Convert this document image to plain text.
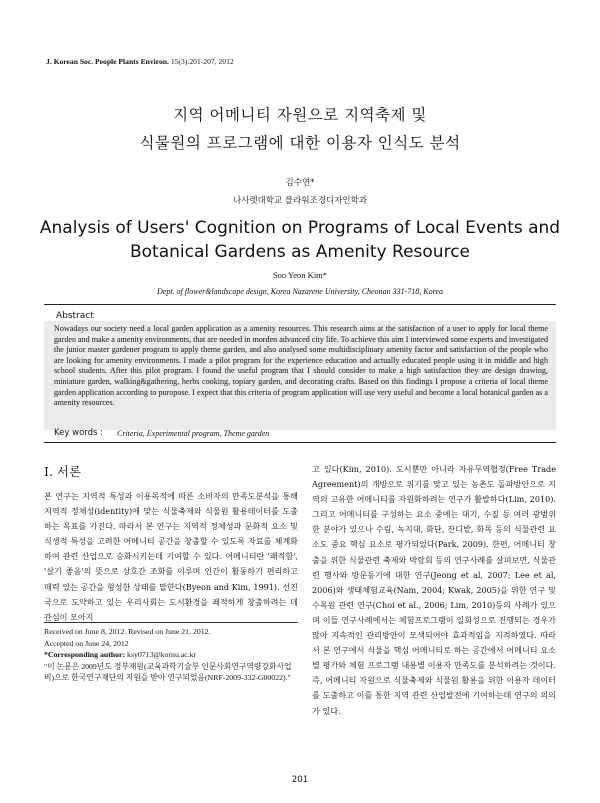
J. Korean Soc. People Plants Environ. 15(3):201-207, 2012
지역 어메니티 자원으로 지역축제 및
식물원의 프로그램에 대한 이용자 인식도 분석
김수연*
나사렛대학교 플라워조경디자인학과
Analysis of Users' Cognition on Programs of Local Events and
Botanical Gardens as Amenity Resource
Soo Yeon Kim*
Dept. of flower&landscape design, Korea Nazarene University, Cheonan 331-718, Korea
Abstract
Nowadays our society need a local garden application as a amenity resources. This research aims at the satisfaction of a user to apply for local theme garden and make a amenity environments, that are needed in morden advanced city life. To achieve this aim I interviewed some experts and investigated the junior master gardener program to apply theme garden, and also analysed some multidisciplinary amenity factor and satisfaction of the people who are looking for amenity environments. I made a pilot program for the experience education and actually educated people using it in middle and high school students. After this pilot program. I found the useful program that I should consider to make a high satisfaction they are design drawing, miniature garden, walking&gathering, herbs cooking, topiary garden, and decorating crafts. Based on this findings I propose a criteria of local theme garden application according to puropose. I expect that this criteria of program application will use very useful and become a local botanical garden as a amenity resources.
Key words : Criteria, Experimental program, Theme garden
Ⅰ. 서론

본 연구는 지역적 특성과 이용목적에 따른 소비자의 만족도분석을 통해 지역적 정체성(identity)에 맞는 식물축제와 식물원 활용테이터를 도출하는 목표를 가진다. 따라서 본 연구는 지역적 정체성과 문화적 요소 및 식생적 특성을 고려한 어메니티 공간을 창출할 수 있도록 자료를 체계화하여 관련 산업으로 승화시키는데 기여할 수 있다. 어메니티란 '쾌적함', '살기 좋음'의 뜻으로 상호간 조화를 이루며 인간이 활동하기 편리하고 매력 있는 공간을 형성한 상태를 말한다(Byeon and Kim, 1991). 선진국으로 도약하고 있는 우리사회는 도시환경을 쾌적하게 창출하려는 데 관심이 모아지

고 있다(Kim, 2010). 도시뿐만 아니라 자유무역협정(Free Trade Agreement)의 개방으로 위기를 맞고 있는 농촌도 돌파방안으로 지역의 고유한 어메니티를 자원화하려는 연구가 활발하다(Lim, 2010). 그리고 어메니티를 구성하는 요소 중에는 대기, 수질 등 여러 광범위한 분야가 있으나 수림, 녹지대, 화단, 잔디밭, 화목 등의 식물관련 요소도 중요 핵심 요소로 평가되었다(Park, 2009). 한편, 어메니티 창출을 위한 식물관련 축제와 박람회 등의 연구사례를 살펴보면, 식물관련 행사와 방문동기에 대한 연구(Jeong et al, 2007; Lee et al, 2006)와 생태체험교육(Nam, 2004; Kwak, 2005)을 위한 연구 및 수목원 관련 연구(Choi et al., 2006; Lim, 2010)등의 사례가 있으며 이들 연구사례에서는 체험프로그램이 일회성으로 진행되는 경우가 많아 지속적인 관리방안이 모색되어야 효과적임을 지적하였다. 따라서 본 연구에서 식물을 핵심 어메니티로 하는 공간에서 어메니티 요소별 평가와 체험 프로그램 내용별 이용자 만족도를 분석하려는 것이다. 즉, 어메니티 자원으로 식물축제와 식물원 활용을 위한 이용자 데이터를 도출하고 이를 통한 지역 관련 산업발전에 기여하는데 연구의 의의가 있다.

Received on June 8, 2012. Revised on June 21, 2012.
Accepted on June 24, 2012
*Corresponding author: ksy0713@kornu.ac.kr
"이 논문은 2009년도 정부재원(교육과학기술부 인문사회연구역량강화사업비)으로 한국연구재단의 지원을 받아 연구되었음(NRF-2009-332-G00022)."
201
